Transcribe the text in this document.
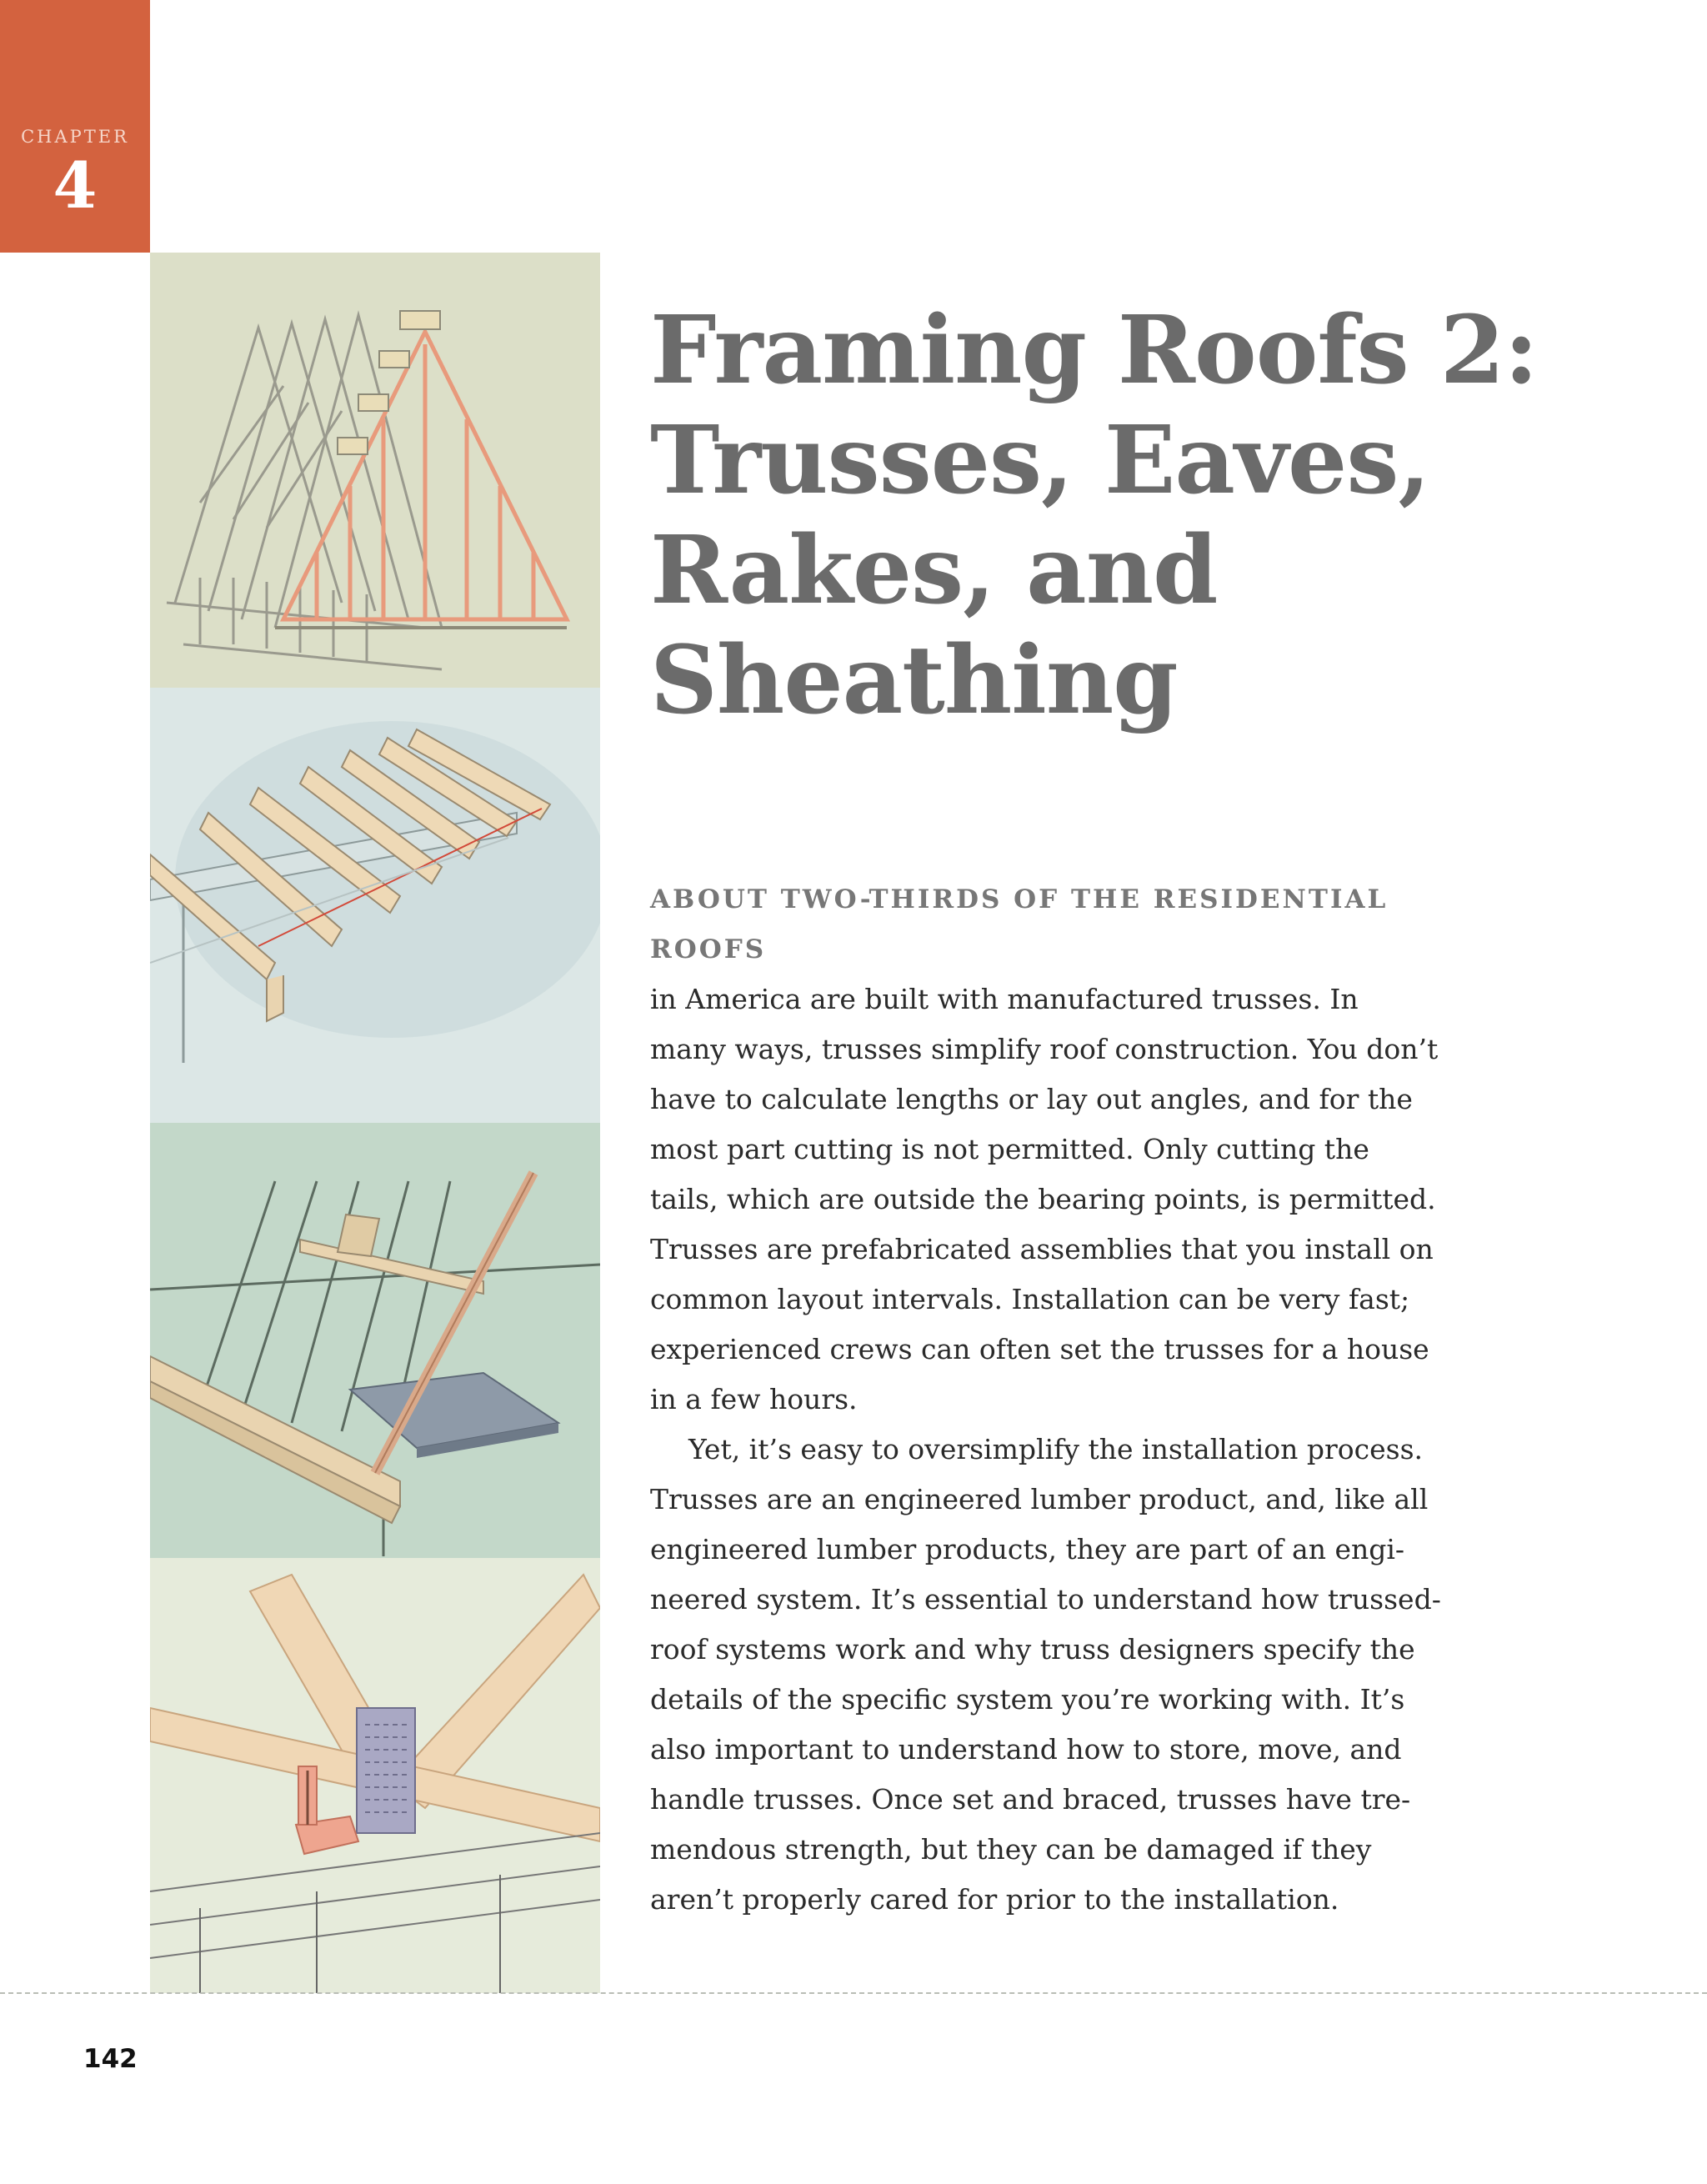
CHAPTER
4
Framing Roofs 2:
Trusses, Eaves,
Rakes, and
Sheathing

ABOUT TWO-THIRDS OF THE RESIDENTIAL ROOFS
in America are built with manufactured trusses. In
many ways, trusses simplify roof construction. You don’t
have to calculate lengths or lay out angles, and for the
most part cutting is not permitted. Only cutting the
tails, which are outside the bearing points, is permitted.
Trusses are prefabricated assemblies that you install on
common layout intervals. Installation can be very fast;
experienced crews can often set the trusses for a house
in a few hours.

Yet, it’s easy to oversimplify the installation process.
Trusses are an engineered lumber product, and, like all
engineered lumber products, they are part of an engi-
neered system. It’s essential to understand how trussed-
roof systems work and why truss designers specify the
details of the specific system you’re working with. It’s
also important to understand how to store, move, and
handle trusses. Once set and braced, trusses have tre-
mendous strength, but they can be damaged if they
aren’t properly cared for prior to the installation.

142
